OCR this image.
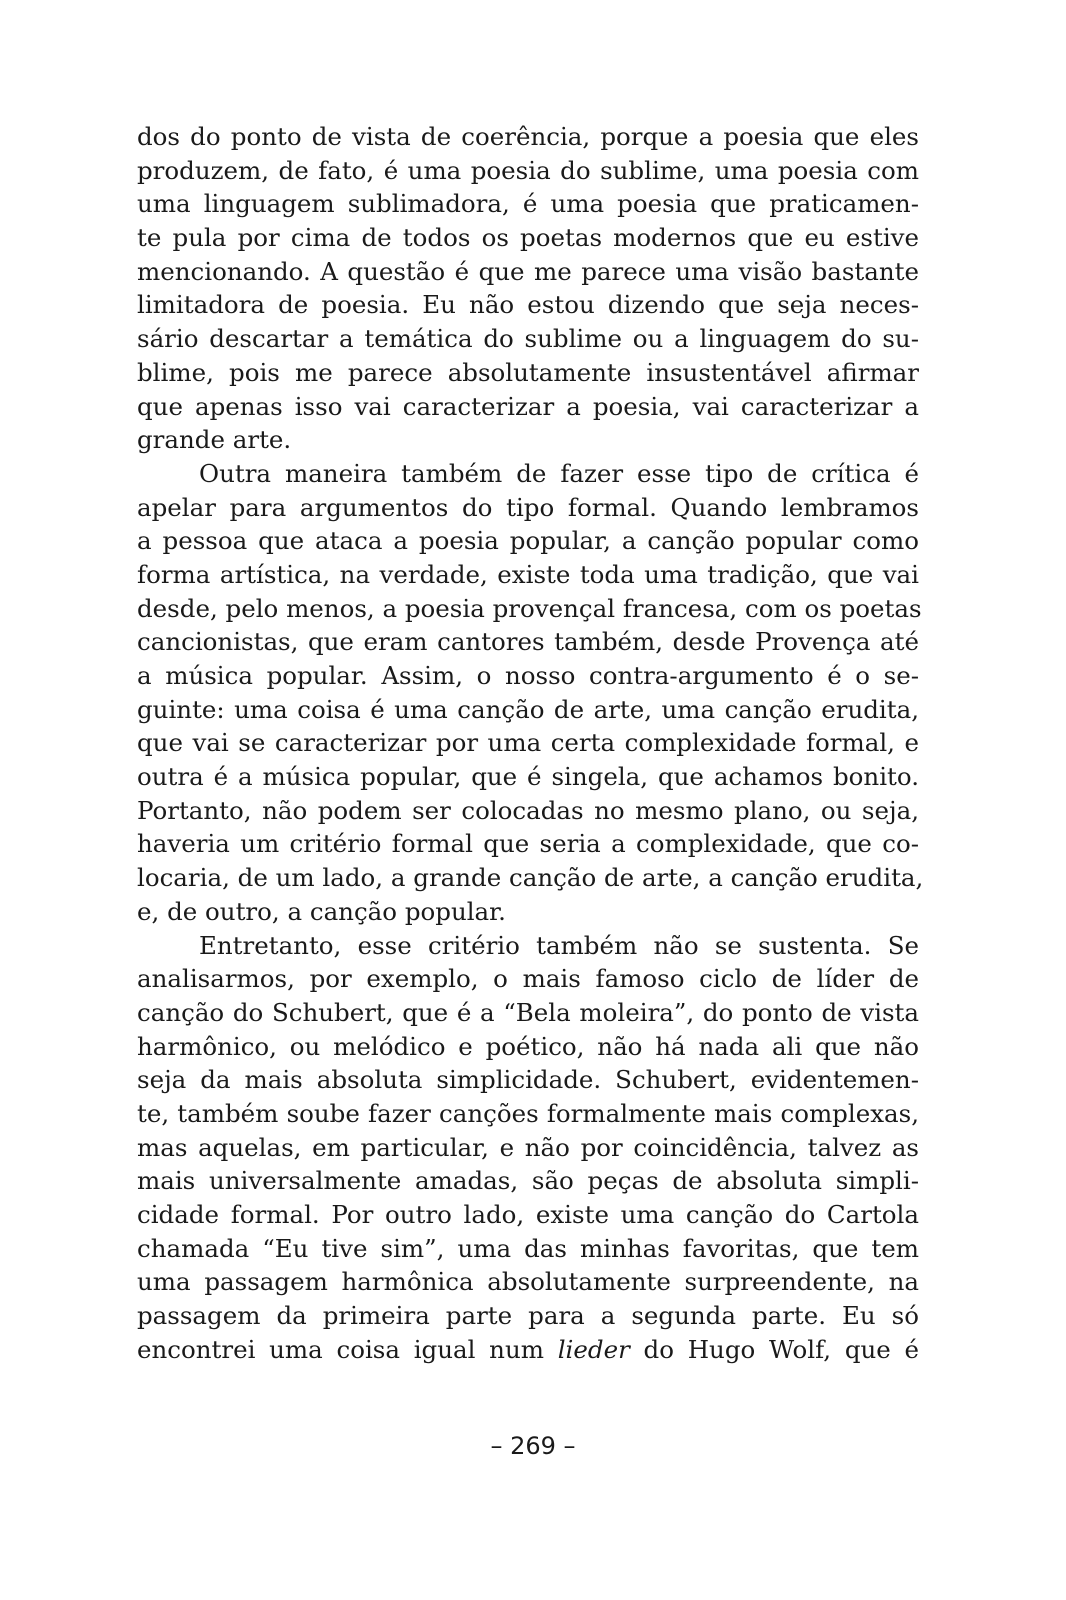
dos do ponto de vista de coerência, porque a poesia que eles
produzem, de fato, é uma poesia do sublime, uma poesia com
uma linguagem sublimadora, é uma poesia que praticamen-
te pula por cima de todos os poetas modernos que eu estive
mencionando. A questão é que me parece uma visão bastante
limitadora de poesia. Eu não estou dizendo que seja neces-
sário descartar a temática do sublime ou a linguagem do su-
blime, pois me parece absolutamente insustentável afirmar
que apenas isso vai caracterizar a poesia, vai caracterizar a
grande arte.
Outra maneira também de fazer esse tipo de crítica é
apelar para argumentos do tipo formal. Quando lembramos
a pessoa que ataca a poesia popular, a canção popular como
forma artística, na verdade, existe toda uma tradição, que vai
desde, pelo menos, a poesia provençal francesa, com os poetas
cancionistas, que eram cantores também, desde Provença até
a música popular. Assim, o nosso contra-argumento é o se-
guinte: uma coisa é uma canção de arte, uma canção erudita,
que vai se caracterizar por uma certa complexidade formal, e
outra é a música popular, que é singela, que achamos bonito.
Portanto, não podem ser colocadas no mesmo plano, ou seja,
haveria um critério formal que seria a complexidade, que co-
locaria, de um lado, a grande canção de arte, a canção erudita,
e, de outro, a canção popular.
Entretanto, esse critério também não se sustenta. Se
analisarmos, por exemplo, o mais famoso ciclo de líder de
canção do Schubert, que é a “Bela moleira”, do ponto de vista
harmônico, ou melódico e poético, não há nada ali que não
seja da mais absoluta simplicidade. Schubert, evidentemen-
te, também soube fazer canções formalmente mais complexas,
mas aquelas, em particular, e não por coincidência, talvez as
mais universalmente amadas, são peças de absoluta simpli-
cidade formal. Por outro lado, existe uma canção do Cartola
chamada “Eu tive sim”, uma das minhas favoritas, que tem
uma passagem harmônica absolutamente surpreendente, na
passagem da primeira parte para a segunda parte. Eu só
encontrei uma coisa igual num lieder do Hugo Wolf, que é
– 269 –
